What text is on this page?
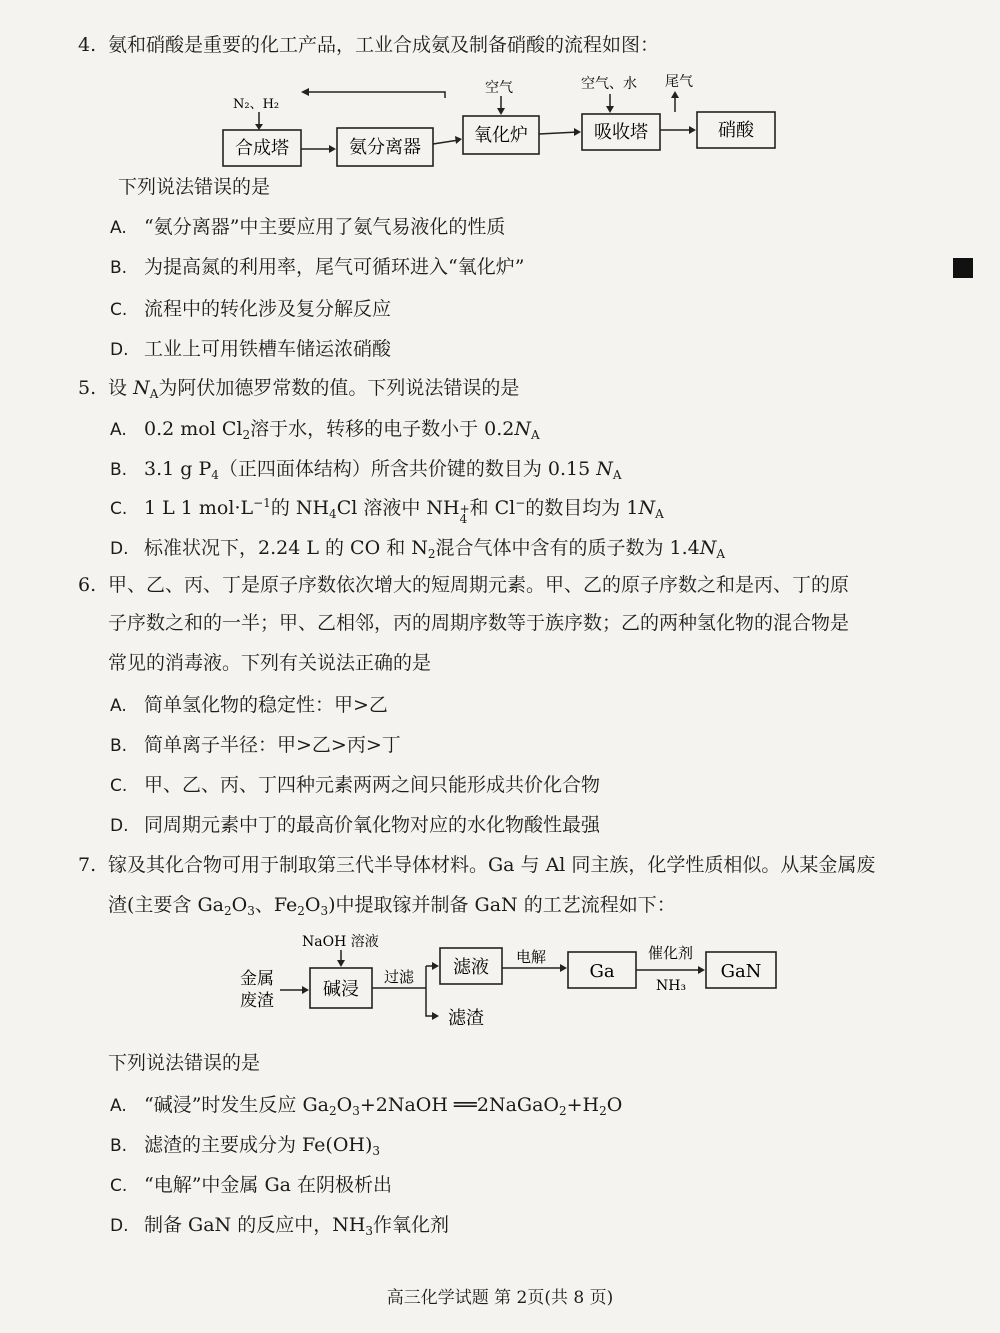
4. 氨和硝酸是重要的化工产品，工业合成氨及制备硝酸的流程如图：
合成塔	氨分离器
氧化炉	吸收塔	硝酸
N₂、H₂
空气	空气、水 尾气
下列说法错误的是
A. “氨分离器”中主要应用了氨气易液化的性质
B. 为提高氮的利用率，尾气可循环进入“氧化炉”
C. 流程中的转化涉及复分解反应
D. 工业上可用铁槽车储运浓硝酸
5. 设 $N_A$为阿伏加德罗常数的值。下列说法错误的是
A. 0.2 mol $Cl_2$溶于水，转移的电子数小于 $0.2N_A$
B. 3.1 g $P_4$（正四面体结构）所含共价键的数目为 0.15 $N_A$
C. 1 L 1 $mol\cdot L^{-1}$的 $NH_4Cl$ 溶液中 NH +
4 和 Cl−的数目均为 $1N_A$
D. 标准状况下，2.24 L 的 CO 和 $N_2$混合气体中含有的质子数为 $1.4N_A$
6. 甲、乙、丙、丁是原子序数依次增大的短周期元素。甲、乙的原子序数之和是丙、丁的原
子序数之和的一半；甲、乙相邻，丙的周期序数等于族序数；乙的两种氢化物的混合物是
常见的消毒液。下列有关说法正确的是
A. 简单氢化物的稳定性：甲>乙
B. 简单离子半径：甲>乙>丙>丁
C. 甲、乙、丙、丁四种元素两两之间只能形成共价化合物
D. 同周期元素中丁的最高价氧化物对应的水化物酸性最强
7. 镓及其化合物可用于制取第三代半导体材料。Ga 与 Al 同主族，化学性质相似。从某金属废
渣(主要含 $Ga_2O_3$、$Fe_2O_3$)中提取镓并制备 GaN 的工艺流程如下：
碱浸
滤液	Ga	GaN
NaOH 溶液
金属
废渣
过滤
滤渣
电解	催化剂
NH₃
下列说法错误的是
A. “碱浸”时发生反应 $Ga_2O_3+2NaOH$ $══2NaGaO_2+H_2O$
B. 滤渣的主要成分为 $Fe(OH)_3$
C. “电解”中金属 Ga 在阴极析出
D. 制备 GaN 的反应中，$NH_3$作氧化剂
高三化学试题 第 2页(共 8 页)
